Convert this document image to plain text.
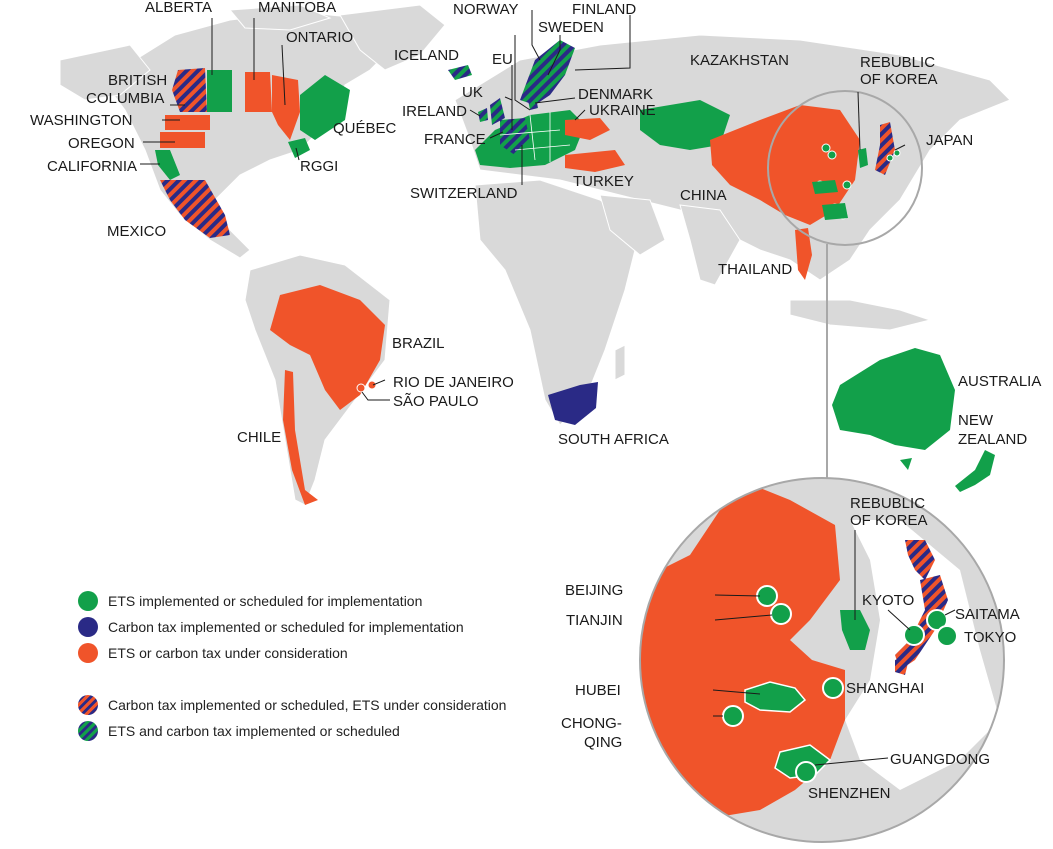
ALBERTA	MANITOBA
ONTARIO
BRITISH
COLUMBIA
WASHINGTON
OREGON
CALIFORNIA
QUÉBEC
RGGI
MEXICO
NORWAY	FINLAND
SWEDEN
ICELAND EU
UK
IRELAND
FRANCE
DENMARK
UKRAINE
SWITZERLAND
TURKEY
KAZAKHSTAN
CHINA
REBUBLIC
OF KOREA
JAPAN
THAILAND
BRAZIL
RIO DE JANEIRO
SÃO PAULO
CHILE	SOUTH AFRICA
AUSTRALIA
NEW
ZEALAND
REBUBLIC
OF KOREA
BEIJING
TIANJIN
KYOTO
SAITAMA
TOKYO
HUBEI	SHANGHAI
CHONG-
QING
GUANGDONG
SHENZHEN
ETS implemented or scheduled for implementation
Carbon tax implemented or scheduled for implementation
ETS or carbon tax under consideration
Carbon tax implemented or scheduled, ETS under consideration
ETS and carbon tax implemented or scheduled
